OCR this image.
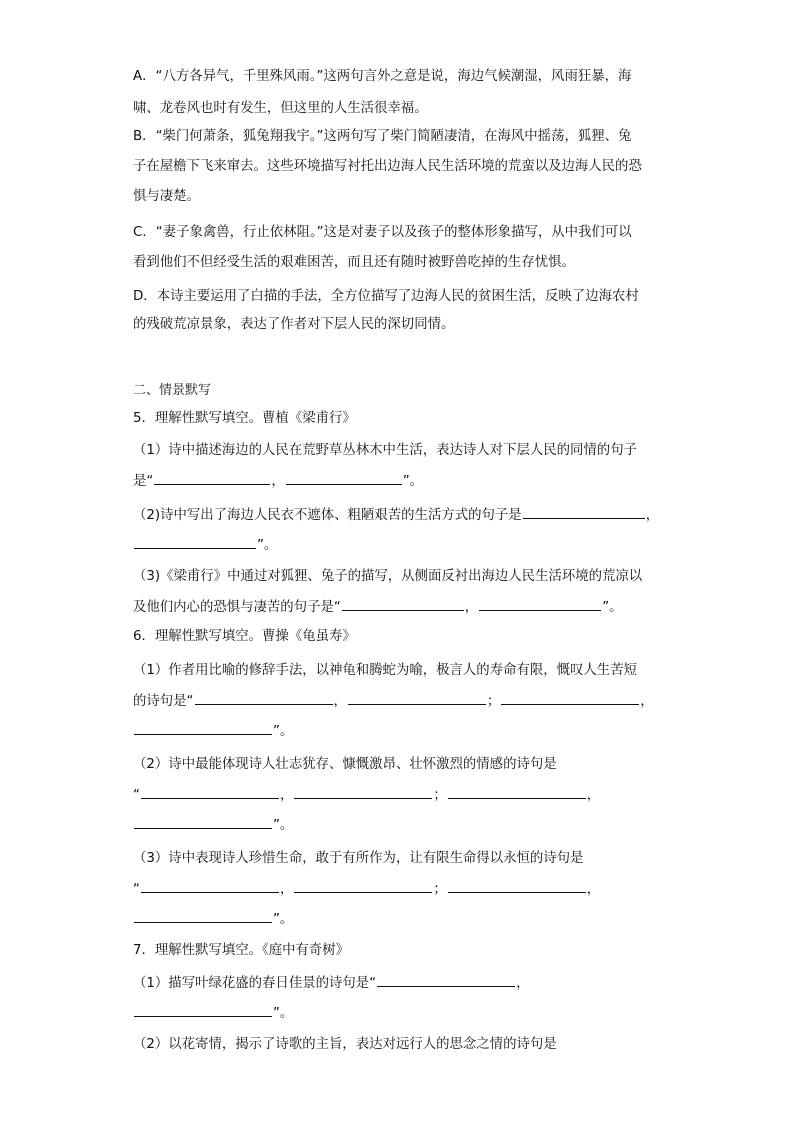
A．“八方各异气，千里殊风雨。”这两句言外之意是说，海边气候潮湿，风雨狂暴，海
啸、龙卷风也时有发生，但这里的人生活很幸福。
B．“柴门何萧条，狐兔翔我宇。”这两句写了柴门简陋凄清，在海风中摇荡，狐狸、兔
子在屋檐下飞来窜去。这些环境描写衬托出边海人民生活环境的荒蛮以及边海人民的恐
惧与凄楚。
C．“妻子象禽兽，行止依林阻。”这是对妻子以及孩子的整体形象描写，从中我们可以
看到他们不但经受生活的艰难困苦，而且还有随时被野兽吃掉的生存忧惧。
D．本诗主要运用了白描的手法，全方位描写了边海人民的贫困生活，反映了边海农村
的残破荒凉景象，表达了作者对下层人民的深切同情。
二、情景默写
5．理解性默写填空。曹植《梁甫行》
（1）诗中描述海边的人民在荒野草丛林木中生活，表达诗人对下层人民的同情的句子
是“	，	”。
（2)诗中写出了海边人民衣不遮体、粗陋艰苦的生活方式的句子是	，
”。
（3)《梁甫行》中通过对狐狸、兔子的描写，从侧面反衬出海边人民生活环境的荒凉以
及他们内心的恐惧与凄苦的句子是“	，	”。
6．理解性默写填空。曹操《龟虽寿》
（1）作者用比喻的修辞手法，以神龟和腾蛇为喻，极言人的寿命有限，慨叹人生苦短
的诗句是“	，	；	，
”。
（2）诗中最能体现诗人壮志犹存、慷慨激昂、壮怀激烈的情感的诗句是
“	，	；	，
”。
（3）诗中表现诗人珍惜生命，敢于有所作为，让有限生命得以永恒的诗句是
“	，	；	，
”。
7．理解性默写填空。《庭中有奇树》
（1）描写叶绿花盛的春日佳景的诗句是“	，
”。
（2）以花寄情，揭示了诗歌的主旨，表达对远行人的思念之情的诗句是
